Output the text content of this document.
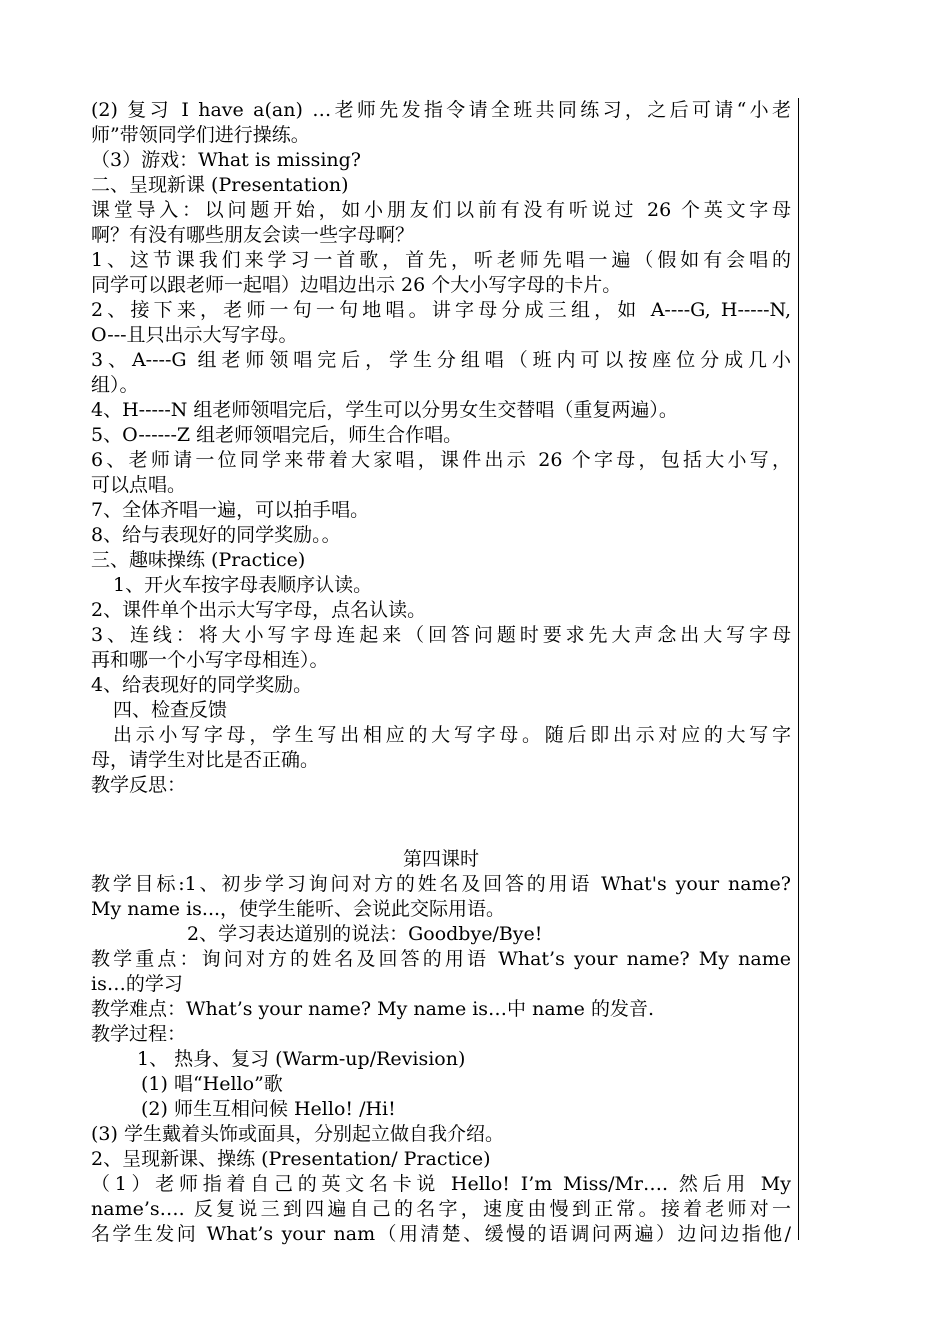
(2) 复习 I have a(an) …老师先发指令请全班共同练习，之后可请“小老
师”带领同学们进行操练。
（3）游戏：What is missing?
二、呈现新课 (Presentation)
课堂导入：以问题开始，如小朋友们以前有没有听说过 26 个英文字母
啊？有没有哪些朋友会读一些字母啊？
1、这节课我们来学习一首歌，首先，听老师先唱一遍（假如有会唱的
同学可以跟老师一起唱）边唱边出示 26 个大小写字母的卡片。
2、接下来，老师一句一句地唱。讲字母分成三组，如 A----G, H-----N,
O---且只出示大写字母。
3、A----G 组老师领唱完后，学生分组唱（班内可以按座位分成几小
组）。
4、H-----N 组老师领唱完后，学生可以分男女生交替唱（重复两遍）。
5、O------Z 组老师领唱完后，师生合作唱。
6、老师请一位同学来带着大家唱，课件出示 26 个字母，包括大小写，
可以点唱。
7、全体齐唱一遍，可以拍手唱。
8、给与表现好的同学奖励。。
三、趣味操练 (Practice)
1、开火车按字母表顺序认读。
2、课件单个出示大写字母，点名认读。
3、连线：将大小写字母连起来（回答问题时要求先大声念出大写字母
再和哪一个小写字母相连）。
4、给表现好的同学奖励。
四、检查反馈
出示小写字母，学生写出相应的大写字母。随后即出示对应的大写字
母，请学生对比是否正确。
教学反思：
第四课时
教学目标:1、初步学习询问对方的姓名及回答的用语 What's your name?
My name is...，使学生能听、会说此交际用语。
2、学习表达道别的说法：Goodbye/Bye!
教学重点：询问对方的姓名及回答的用语 What’s your name? My name
is…的学习
教学难点：What’s your name? My name is…中 name 的发音.
教学过程：
1、 热身、复习 (Warm-up/Revision)
(1) 唱“Hello”歌
(2) 师生互相问候 Hello! /Hi!
(3) 学生戴着头饰或面具，分别起立做自我介绍。
2、呈现新课、操练 (Presentation/ Practice)
（1）老师指着自己的英文名卡说 Hello! I’m Miss/Mr…. 然后用 My
name’s…. 反复说三到四遍自己的名字，速度由慢到正常。接着老师对一
名学生发问 What’s your nam（用清楚、缓慢的语调问两遍）边问边指他/
